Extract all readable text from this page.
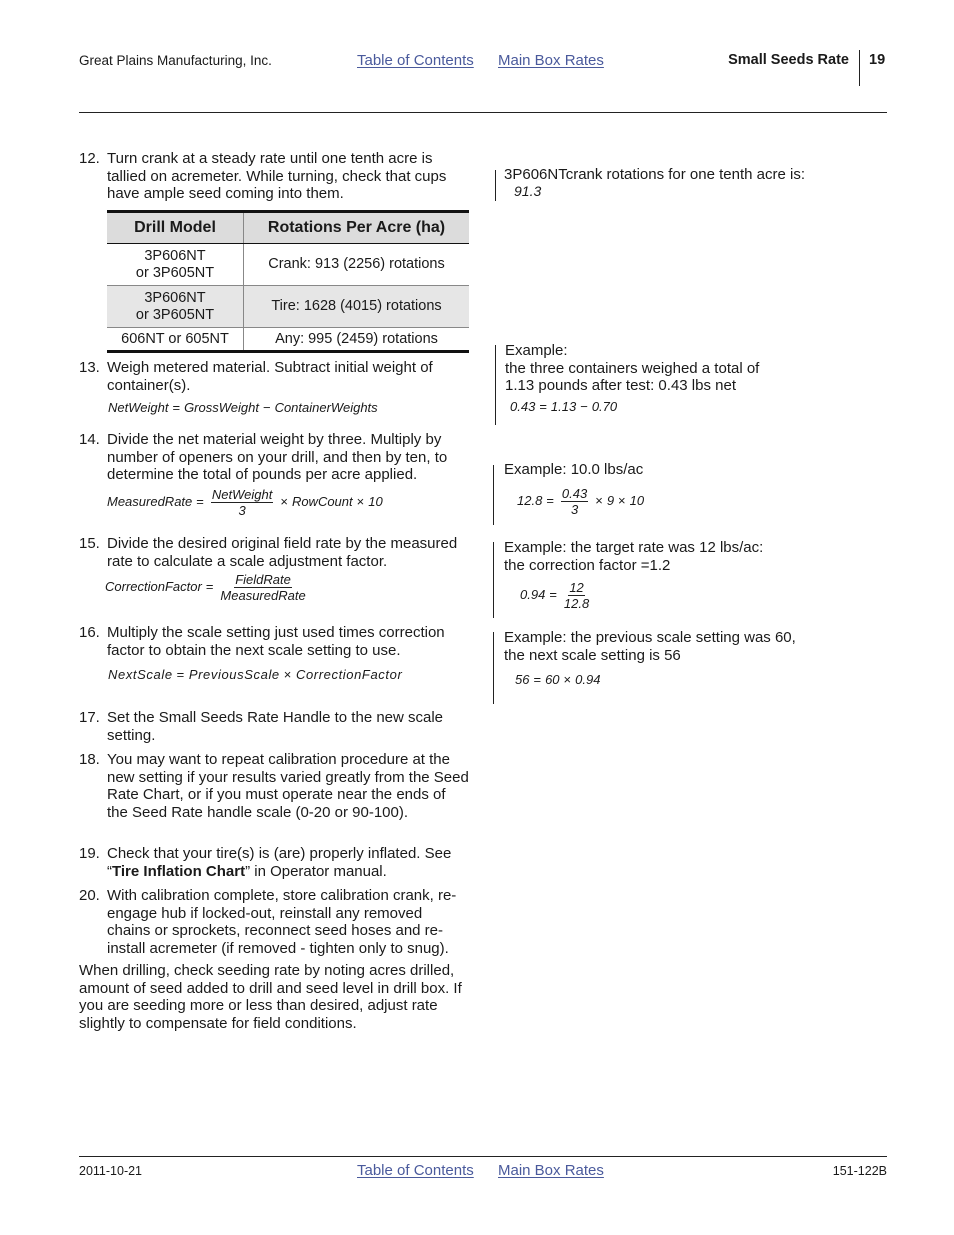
Great Plains Manufacturing, Inc.	Table of Contents Main Box Rates	Small Seeds Rate 19
12. Turn crank at a steady rate until one tenth acre is tallied on acremeter. While turning, check that cups have ample seed coming into them.
Drill Model	Rotations Per Acre (ha)

3P606NT
or 3P605NT	Crank: 913 (2256) rotations

3P606NT
or 3P605NT	Tire: 1628 (4015) rotations
606NT or 605NT	Any: 995 (2459) rotations
13. Weigh metered material. Subtract initial weight of container(s).
NetWeight = GrossWeight − ContainerWeights
14. Divide the net material weight by three. Multiply by number of openers on your drill, and then by ten, to determine the total of pounds per acre applied.
MeasuredRate = $\frac{\text{NetWeight}}{3}$ × RowCount × 10
15. Divide the desired original field rate by the measured rate to calculate a scale adjustment factor.
CorrectionFactor = $\frac{\text{FieldRate}}{\text{MeasuredRate}}$
16. Multiply the scale setting just used times correction factor to obtain the next scale setting to use.
NextScale = PreviousScale × CorrectionFactor
17. Set the Small Seeds Rate Handle to the new scale setting.
18. You may want to repeat calibration procedure at the new setting if your results varied greatly from the Seed Rate Chart, or if you must operate near the ends of the Seed Rate handle scale (0-20 or 90-100).
19. Check that your tire(s) is (are) properly inflated. See “Tire Inflation Chart” in Operator manual.
20. With calibration complete, store calibration crank, re-engage hub if locked-out, reinstall any removed chains or sprockets, reconnect seed hoses and re-install acremeter (if removed - tighten only to snug).
When drilling, check seeding rate by noting acres drilled, amount of seed added to drill and seed level in drill box. If you are seeding more or less than desired, adjust rate slightly to compensate for field conditions.
3P606NTcrank rotations for one tenth acre is:
91.3
Example:
the three containers weighed a total of
1.13 pounds after test: 0.43 lbs net
0.43 = 1.13 − 0.70
Example: 10.0 lbs/ac
$12.8 = \frac{0.43}{3} \times 9 \times 10$
Example: the target rate was 12 lbs/ac:
the correction factor =1.2
$0.94 = \frac{12}{12.8}$
Example: the previous scale setting was 60,
the next scale setting is 56
56 = 60 × 0.94
2011-10-21	Table of Contents Main Box Rates	151-122B
